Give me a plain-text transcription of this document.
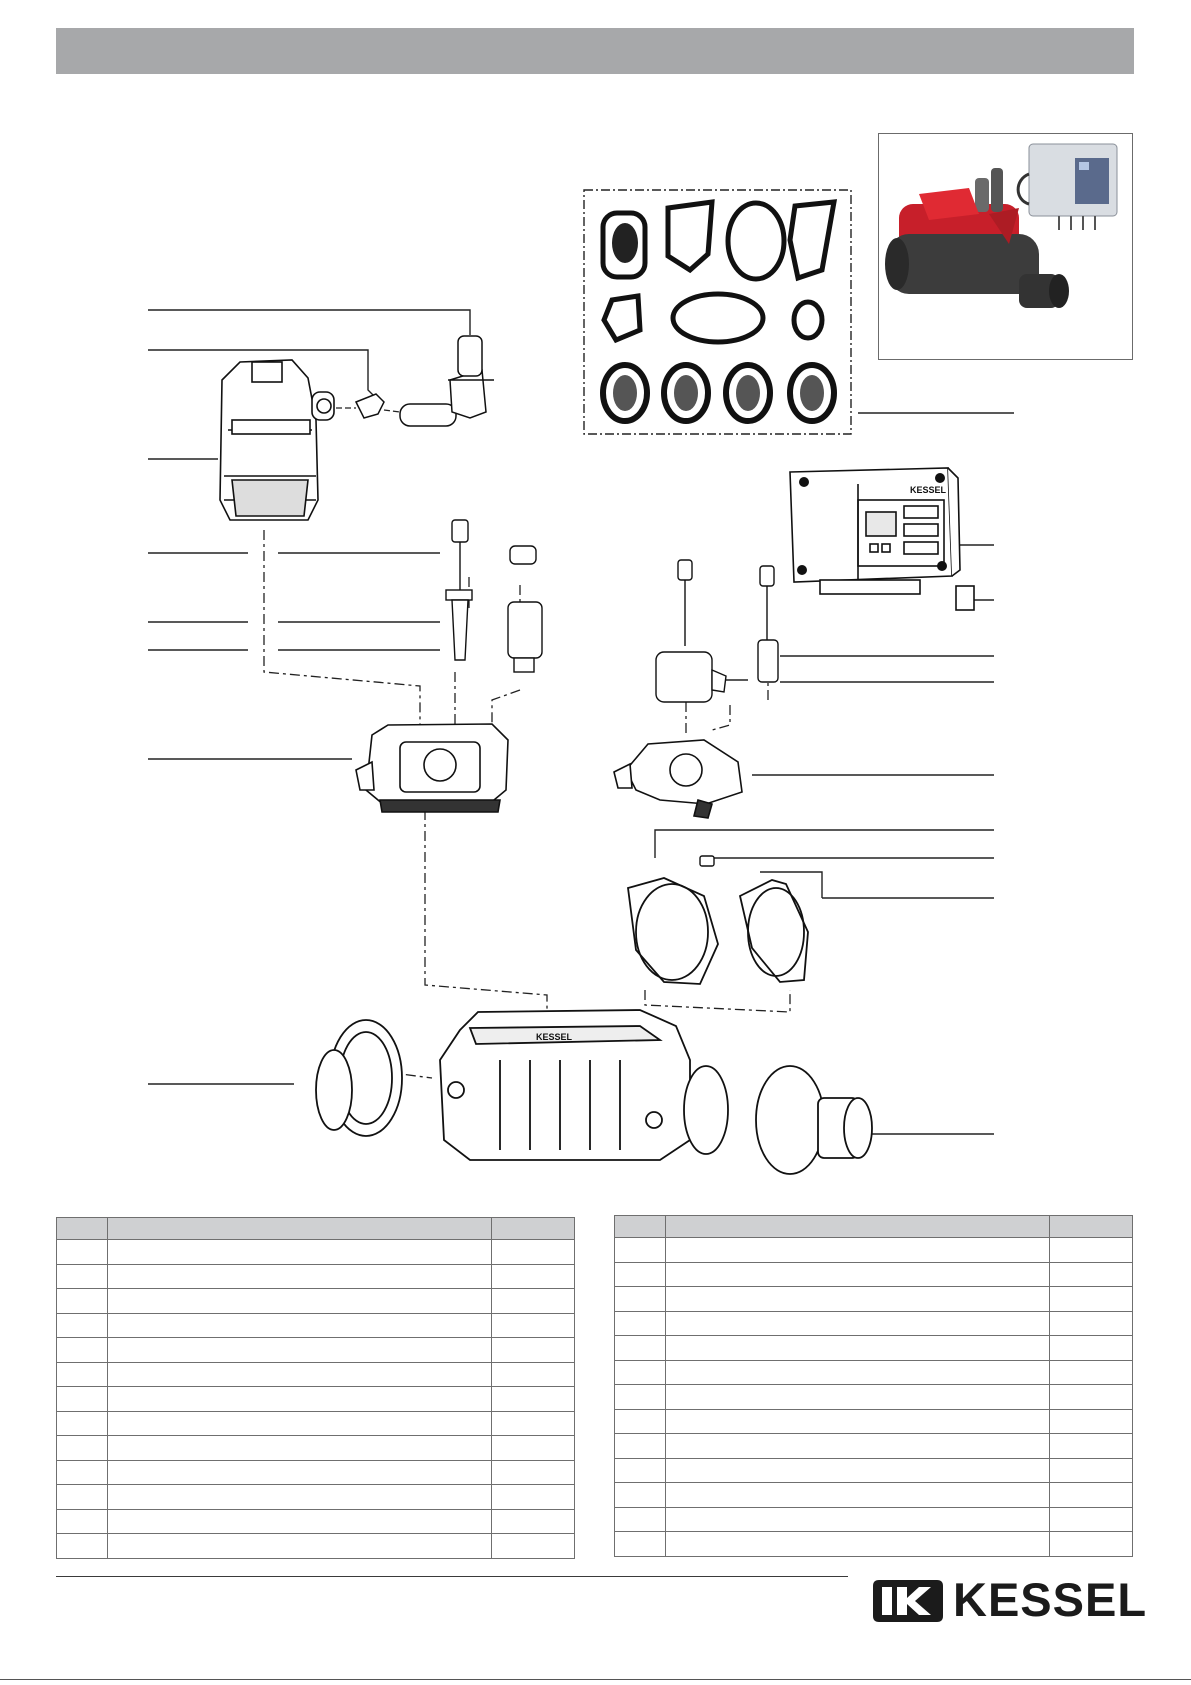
KESSEL
KESSEL

KESSEL
